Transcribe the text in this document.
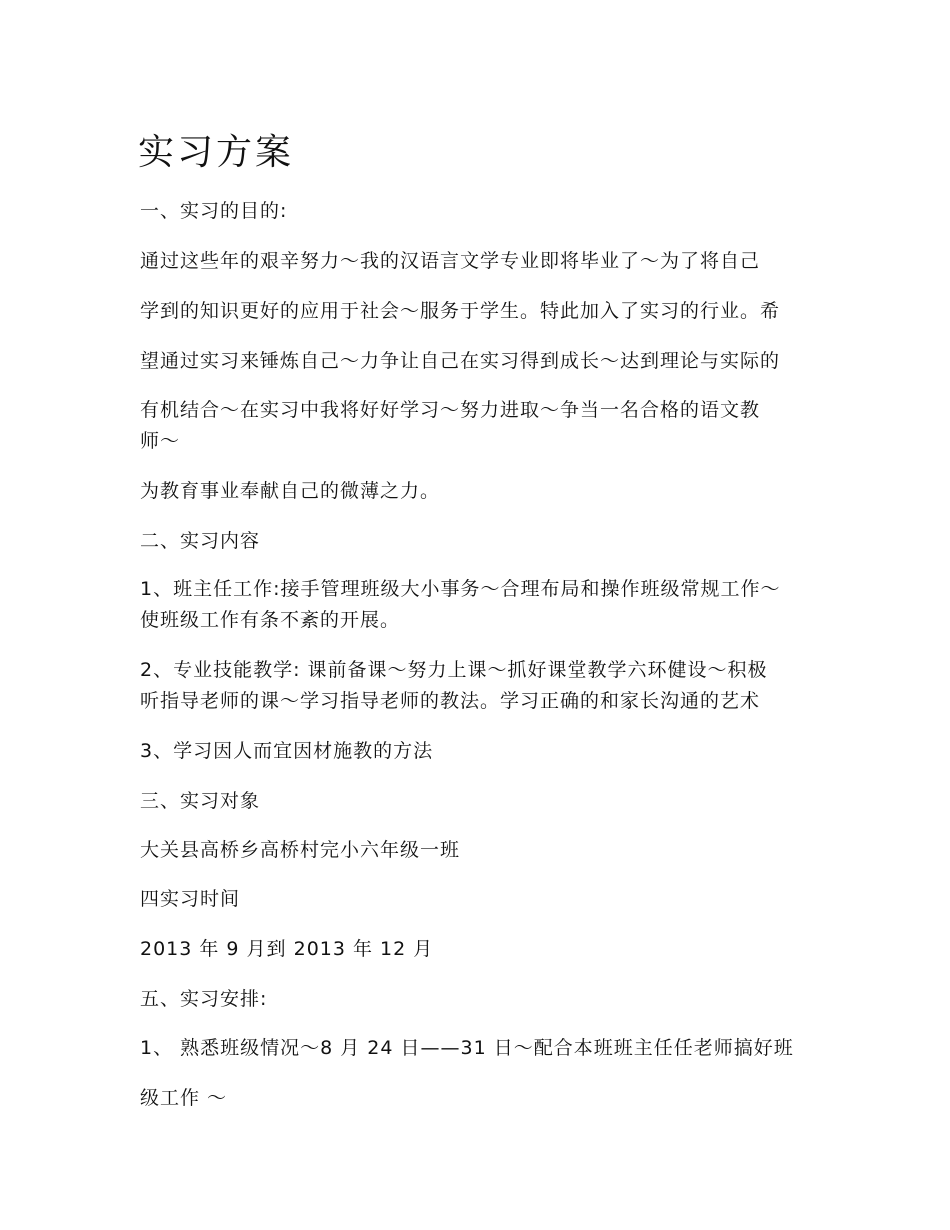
实习方案

一、实习的目的:

通过这些年的艰辛努力～我的汉语言文学专业即将毕业了～为了将自己

学到的知识更好的应用于社会～服务于学生。特此加入了实习的行业。希

望通过实习来锤炼自己～力争让自己在实习得到成长～达到理论与实际的

有机结合～在实习中我将好好学习～努力进取～争当一名合格的语文教

师～

为教育事业奉献自己的微薄之力。

二、实习内容

1、班主任工作:接手管理班级大小事务～合理布局和操作班级常规工作～

使班级工作有条不紊的开展。

2、专业技能教学: 课前备课～努力上课～抓好课堂教学六环健设～积极

听指导老师的课～学习指导老师的教法。学习正确的和家长沟通的艺术

3、学习因人而宜因材施教的方法

三、实习对象

大关县高桥乡高桥村完小六年级一班

四实习时间

2013 年 9 月到 2013 年 12 月

五、实习安排:

1、 熟悉班级情况～8 月 24 日——31 日～配合本班班主任任老师搞好班

级工作 ～
